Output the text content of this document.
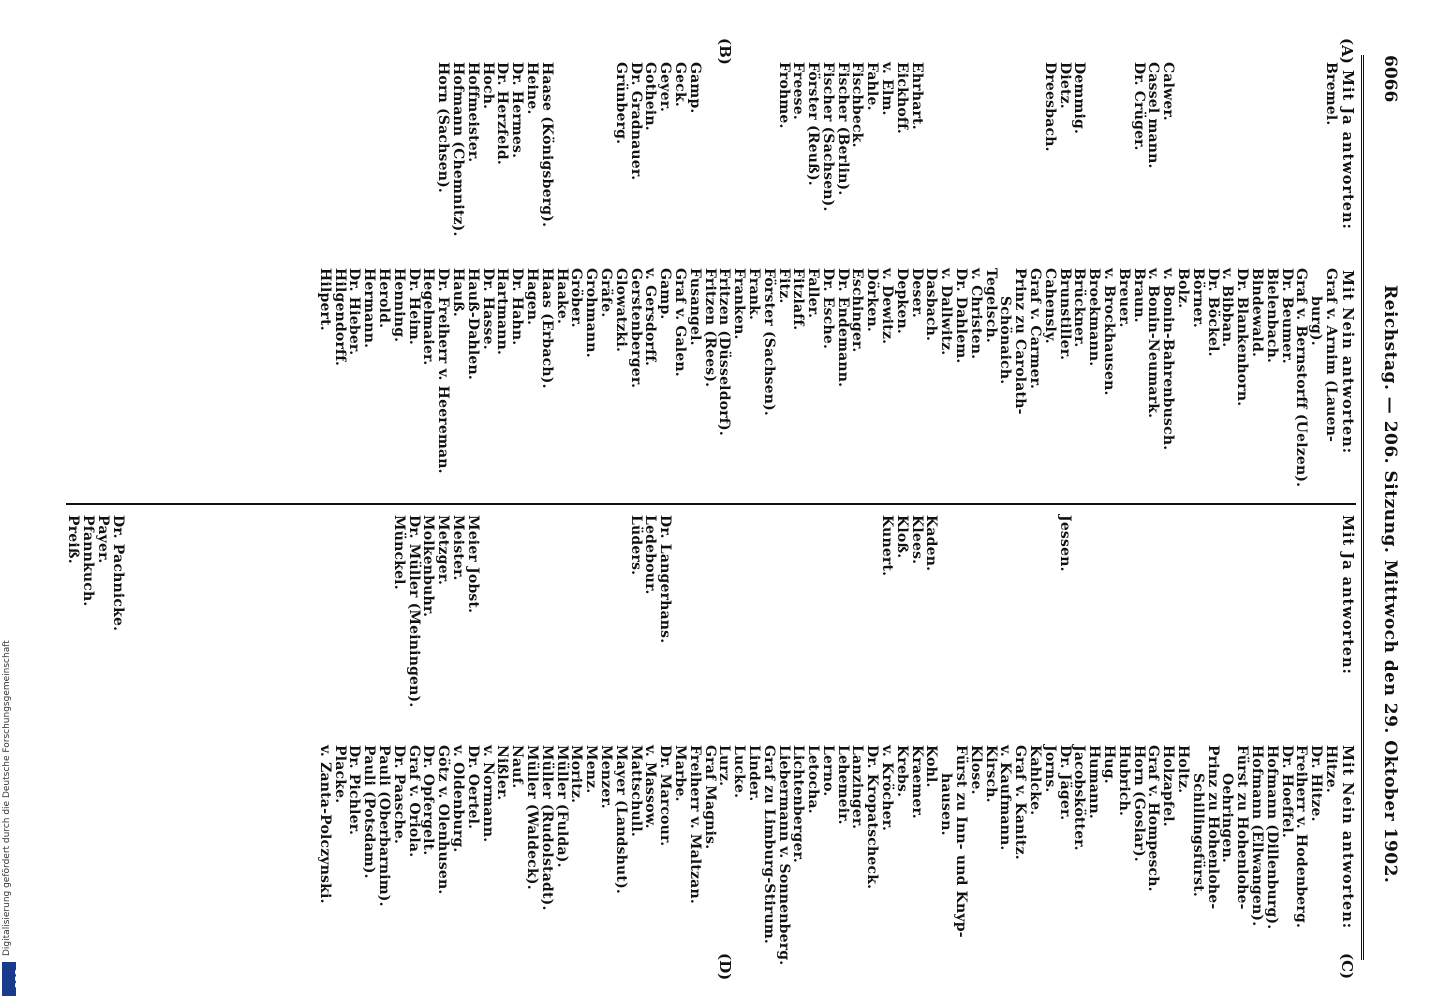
6066
Reichstag. — 206. Sitzung. Mittwoch den 29. Oktober 1902.
(A)
(B)
(C)
(D)
Mit Ja antworten:
Mit Nein antworten:
Mit Ja antworten:
Mit Nein antworten:
Bremel.

Calwer.
Cassel mann.
Dr. Crüger.

Demmig.
Dietz.
Dreesbach.

Ehrhart.
Eickhoff.
v. Elm.
Fahle.
Fischbeck.
Fischer (Berlin).
Fischer (Sachsen).
Förster (Reuß).
Freese.
Frohme.

Gamp.
Geck.
Geyer.
Gothein.
Dr. Gradnauer.
Grünberg.

Haase (Königsberg).
Heine.
Dr. Hermes.
Dr. Herzfeld.
Hoch.
Hoffmeister.
Hofmann (Chemnitz).
Horn (Sachsen).
Graf v. Arnim (Lauen-
burg).
Graf v. Bernstorff (Uelzen).
Dr. Beumer.
Bielenbach.
Bindewald.
Dr. Blankenhorn.
v. Bibban.
Dr. Böckel.
Börner.
Bolz.
v. Bonin-Bahrenbusch.
v. Bonin-Neumark.
Braun.
Breuer.
v. Brockhausen.
Broekmann.
Brückner.
Brunstiller.
Cahensly.
Graf v. Carmer.
Prinz zu Carolath-
Schönaich.
Tegelsch.
v. Christen.
Dr. Dahlem.
v. Dallwitz.
Dasbach.
Deser.
Depken.
v. Dewitz.
Dörken.
Eschinger.
Dr. Endemann.
Dr. Esche.
Faller.
Fitzlaff.
Fitz.
Förster (Sachsen).
Frank.
Franken.
Fritzen (Düsseldorf).
Fritzen (Rees).
Fusangel.
Graf v. Galen.
Gamp.
v. Gersdorff.
Gerstenberger.
Glowatzki.
Gräfe.
Grohmann.
Gröber.
Haake.
Haas (Erbach).
Hagen.
Dr. Hahn.
Hartmann.
Dr. Hasse.
Hauß-Dahlen.
Hauß.
Dr. Freiherr v. Heereman.
Hegelmaier.
Dr. Heim.
Henning.
Herold.
Hermann.
Dr. Hieber.
Hilgendorff.
Hilpert.

Jessen.

Kaden.
Klees.
Kloß.
Kunert.

Dr. Langerhans.
Ledebour.
Lüders.

Meier Jobst.
Meister.
Metzger.
Molkenbuhr.
Dr. Müller (Meiningen).
Münckel.

Dr. Pachnicke.
Payer.
Pfannkuch.
Preiß.
Hitze.
Dr. Hitze.
Freiherr v. Hodenberg.
Dr. Hoeffel.
Hofmann (Dillenburg).
Hofmann (Ellwangen).
Fürst zu Hohenlohe-
Oehringen.
Prinz zu Hohenlohe-
Schillingsfürst.
Holtz.
Holzapfel.
Graf v. Hompesch.
Horn (Goslar).
Hubrich.
Hug.
Humann.
Jacobskötter.
Dr. Jäger.
Jorns.
Kahlcke.
Graf v. Kanitz.
v. Kaufmann.
Kirsch.
Klose.
Fürst zu Inn- und Knyp-
hausen.
Kohl.
Kraemer.
Krebs.
v. Kröcher.
Dr. Kropatscheck.
Lanzinger.
Lehemeir.
Lerno.
Letocha.
Lichtenberger.
Liebermann v. Sonnenberg.
Graf zu Limburg-Stirum.
Linder.
Lucke.
Lurz.
Graf Magnis.
Freiherr v. Maltzan.
Marbe.
Dr. Marcour.
v. Massow.
Mattschull.
Mayer (Landshut).
Menzer.
Menz.
Moritz.
Müller (Fulda).
Müller (Rudolstadt).
Müller (Waldeck).
Nauf.
Nißler.
v. Normann.
Dr. Oertel.
v. Oldenburg.
Götz v. Olenhusen.
Dr. Opfergelt.
Graf v. Oriola.
Dr. Paasche.
Pauli (Oberbarnim).
Pauli (Potsdam).
Dr. Pichler.
Placke.
v. Zanta-Polczynski.
Digitalisierung gefördert durch die Deutsche Forschungsgemeinschaft
DFG
